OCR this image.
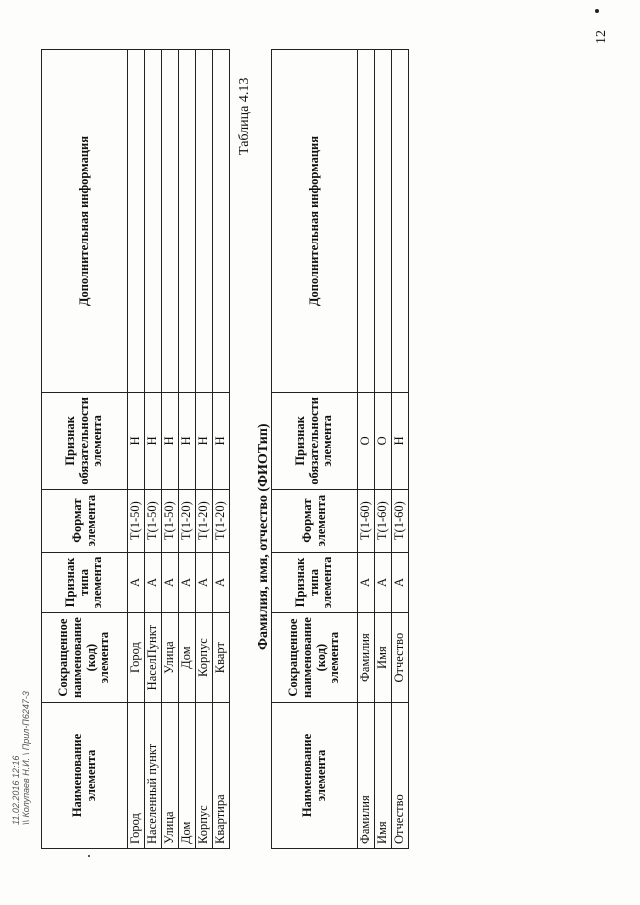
12
Наименование элемента	Сокращенное наименование (код) элемента	Признак типа элемента	Формат элемента	Признак обязательности элемента	Дополнительная информация
Город	Город	А	Т(1-50)	Н	
Населенный пункт	НаселПункт	А	Т(1-50)	Н	
Улица	Улица	А	Т(1-50)	Н	
Дом	Дом	А	Т(1-20)	Н	
Корпус	Корпус	А	Т(1-20)	Н	
Квартира	Кварт	А	Т(1-20)	Н	
Таблица 4.13
Фамилия, имя, отчество (ФИОТип)
Наименование элемента	Сокращенное наименование (код) элемента	Признак типа элемента	Формат элемента	Признак обязательности элемента	Дополнительная информация
Фамилия	Фамилия	А	Т(1-60)	О	
Имя	Имя	А	Т(1-60)	О	
Отчество	Отчество	А	Т(1-60)	Н	
11.02.2016 12:16 \\ Колупаев Н.И. \ Прил-П6247-3
